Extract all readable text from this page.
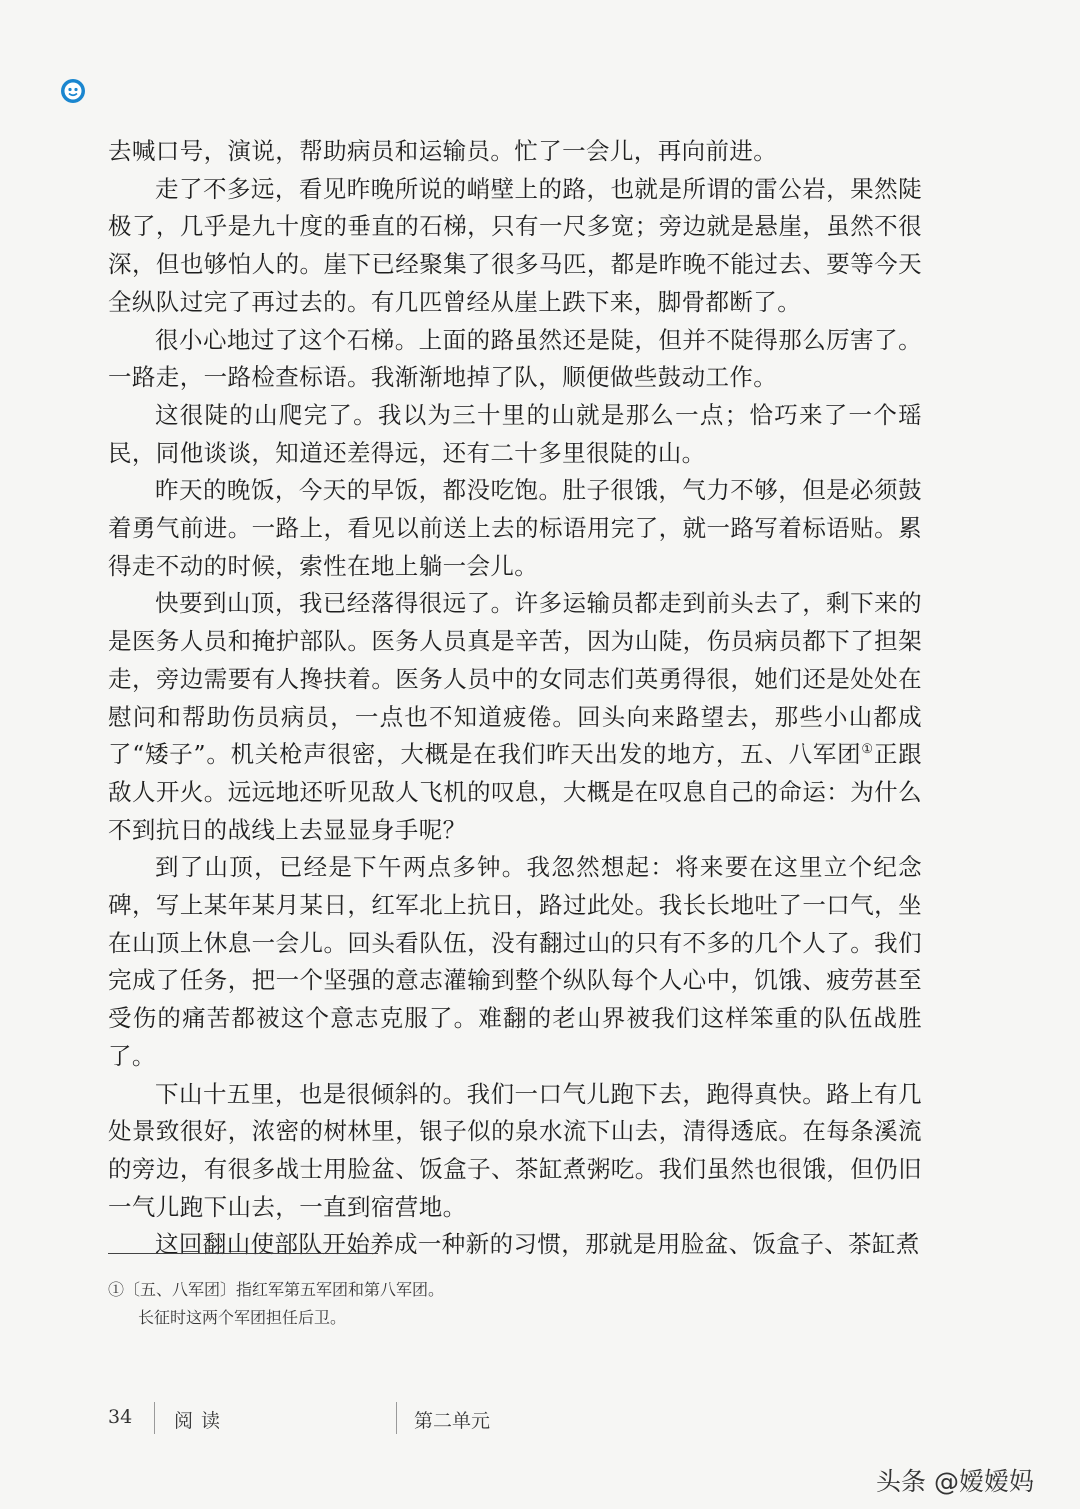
去喊口号，演说，帮助病员和运输员。忙了一会儿，再向前进。

走了不多远，看见昨晚所说的峭壁上的路，也就是所谓的雷公岩，果然陡极了，几乎是九十度的垂直的石梯，只有一尺多宽；旁边就是悬崖，虽然不很深，但也够怕人的。崖下已经聚集了很多马匹，都是昨晚不能过去、要等今天全纵队过完了再过去的。有几匹曾经从崖上跌下来，脚骨都断了。

很小心地过了这个石梯。上面的路虽然还是陡，但并不陡得那么厉害了。一路走，一路检查标语。我渐渐地掉了队，顺便做些鼓动工作。

这很陡的山爬完了。我以为三十里的山就是那么一点；恰巧来了一个瑶民，同他谈谈，知道还差得远，还有二十多里很陡的山。

昨天的晚饭，今天的早饭，都没吃饱。肚子很饿，气力不够，但是必须鼓着勇气前进。一路上，看见以前送上去的标语用完了，就一路写着标语贴。累得走不动的时候，索性在地上躺一会儿。

快要到山顶，我已经落得很远了。许多运输员都走到前头去了，剩下来的是医务人员和掩护部队。医务人员真是辛苦，因为山陡，伤员病员都下了担架走，旁边需要有人搀扶着。医务人员中的女同志们英勇得很，她们还是处处在慰问和帮助伤员病员，一点也不知道疲倦。回头向来路望去，那些小山都成了“矮子”。机关枪声很密，大概是在我们昨天出发的地方，五、八军团①正跟敌人开火。远远地还听见敌人飞机的叹息，大概是在叹息自己的命运：为什么不到抗日的战线上去显显身手呢？

到了山顶，已经是下午两点多钟。我忽然想起：将来要在这里立个纪念碑，写上某年某月某日，红军北上抗日，路过此处。我长长地吐了一口气，坐在山顶上休息一会儿。回头看队伍，没有翻过山的只有不多的几个人了。我们完成了任务，把一个坚强的意志灌输到整个纵队每个人心中，饥饿、疲劳甚至受伤的痛苦都被这个意志克服了。难翻的老山界被我们这样笨重的队伍战胜了。

下山十五里，也是很倾斜的。我们一口气儿跑下去，跑得真快。路上有几处景致很好，浓密的树林里，银子似的泉水流下山去，清得透底。在每条溪流的旁边，有很多战士用脸盆、饭盒子、茶缸煮粥吃。我们虽然也很饿，但仍旧一气儿跑下山去，一直到宿营地。

这回翻山使部队开始养成一种新的习惯，那就是用脸盆、饭盒子、茶缸煮

①〔五、八军团〕指红军第五军团和第八军团。
长征时这两个军团担任后卫。
34 阅读	第二单元
头条 @嫒嫒妈
